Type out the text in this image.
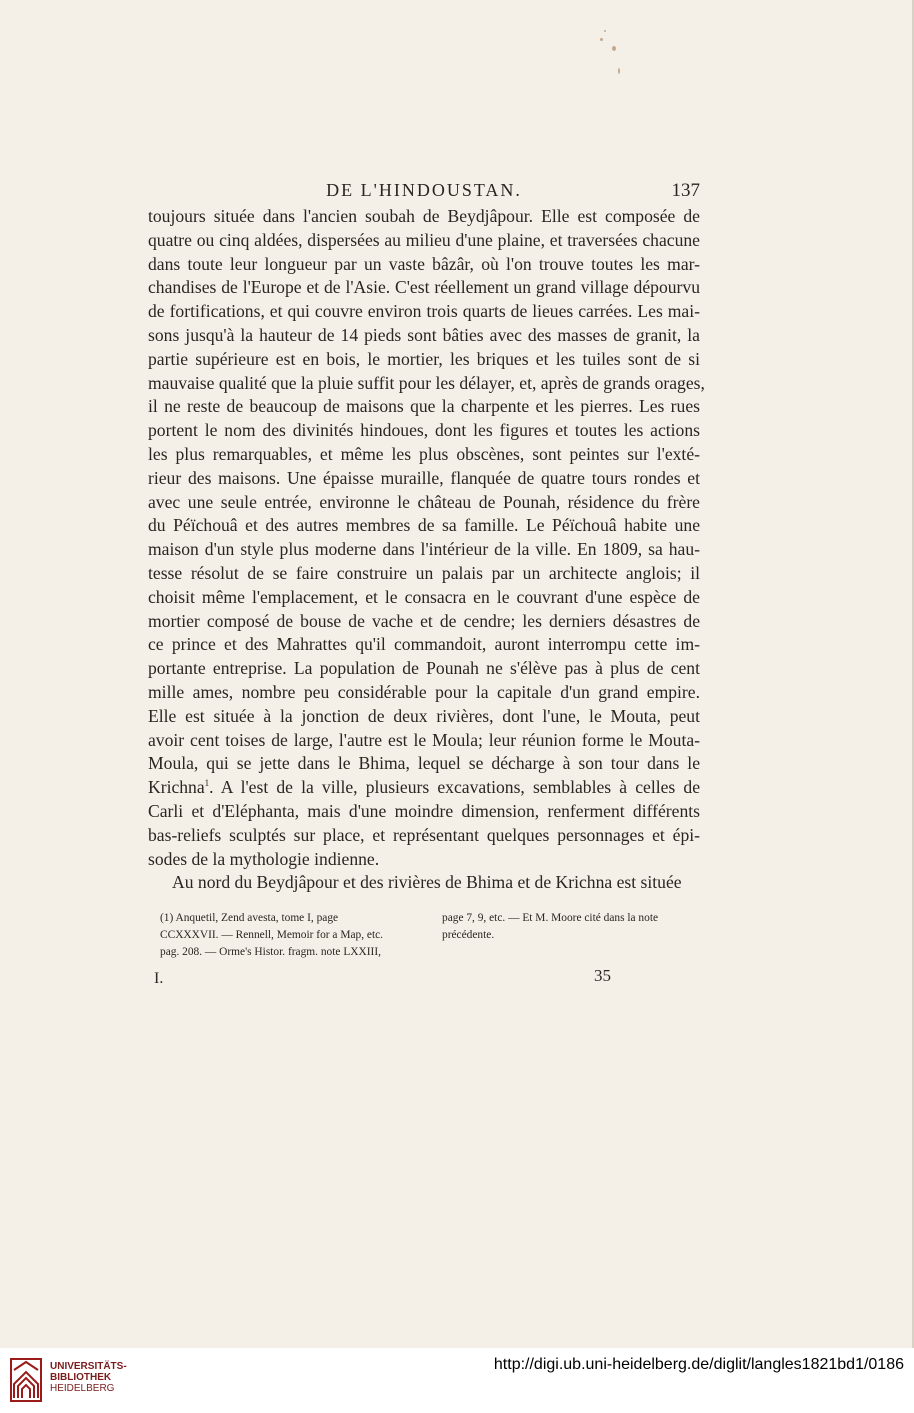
DE L'HINDOUSTAN.	137
toujours située dans l'ancien soubah de Beydjâpour. Elle est composée de
quatre ou cinq aldées, dispersées au milieu d'une plaine, et traversées chacune
dans toute leur longueur par un vaste bâzâr, où l'on trouve toutes les mar-
chandises de l'Europe et de l'Asie. C'est réellement un grand village dépourvu
de fortifications, et qui couvre environ trois quarts de lieues carrées. Les mai-
sons jusqu'à la hauteur de 14 pieds sont bâties avec des masses de granit, la
partie supérieure est en bois, le mortier, les briques et les tuiles sont de si
mauvaise qualité que la pluie suffit pour les délayer, et, après de grands orages,
il ne reste de beaucoup de maisons que la charpente et les pierres. Les rues
portent le nom des divinités hindoues, dont les figures et toutes les actions
les plus remarquables, et même les plus obscènes, sont peintes sur l'exté-
rieur des maisons. Une épaisse muraille, flanquée de quatre tours rondes et
avec une seule entrée, environne le château de Pounah, résidence du frère
du Péïchouâ et des autres membres de sa famille. Le Péïchouâ habite une
maison d'un style plus moderne dans l'intérieur de la ville. En 1809, sa hau-
tesse résolut de se faire construire un palais par un architecte anglois; il
choisit même l'emplacement, et le consacra en le couvrant d'une espèce de
mortier composé de bouse de vache et de cendre; les derniers désastres de
ce prince et des Mahrattes qu'il commandoit, auront interrompu cette im-
portante entreprise. La population de Pounah ne s'élève pas à plus de cent
mille ames, nombre peu considérable pour la capitale d'un grand empire.
Elle est située à la jonction de deux rivières, dont l'une, le Mouta, peut
avoir cent toises de large, l'autre est le Moula; leur réunion forme le Mouta-
Moula, qui se jette dans le Bhima, lequel se décharge à son tour dans le
Krichna$^1$. A l'est de la ville, plusieurs excavations, semblables à celles de
Carli et d'Eléphanta, mais d'une moindre dimension, renferment différents
bas-reliefs sculptés sur place, et représentant quelques personnages et épi-
sodes de la mythologie indienne.
Au nord du Beydjâpour et des rivières de Bhima et de Krichna est située
(1) Anquetil, Zend avesta, tome I, page
CCXXXVII. — Rennell, Memoir for a Map, etc.
pag. 208. — Orme's Histor. fragm. note LXXIII,
page 7, 9, etc. — Et M. Moore cité dans la note
précédente.
I.	35
UNIVERSITÄTS-
BIBLIOTHEK
HEIDELBERG
http://digi.ub.uni-heidelberg.de/diglit/langles1821bd1/0186
